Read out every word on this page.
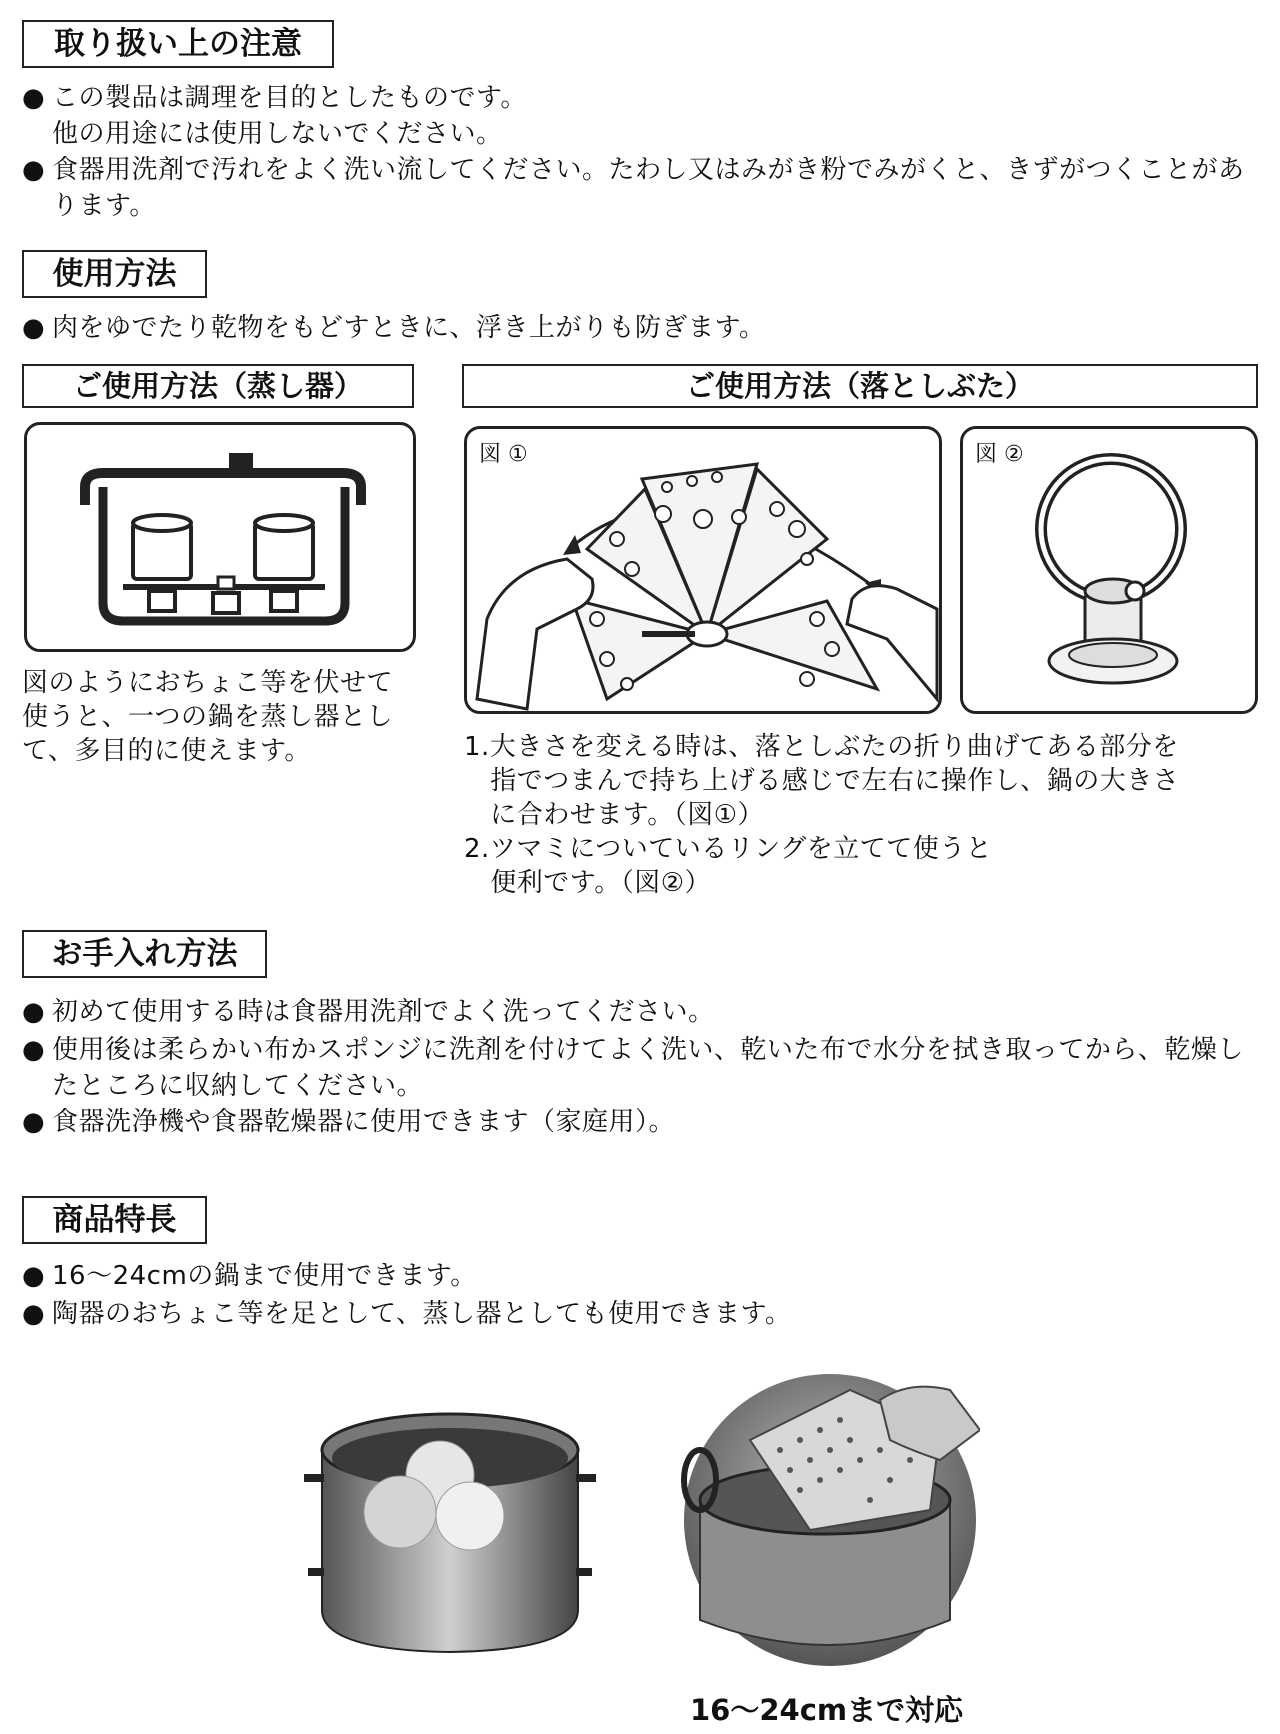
取り扱い上の注意
● この製品は調理を目的としたものです。
他の用途には使用しないでください。
● 食器用洗剤で汚れをよく洗い流してください。たわし又はみがき粉でみがくと、きずがつくことがあります。
使用方法
● 肉をゆでたり乾物をもどすときに、浮き上がりも防ぎます。
ご使用方法（蒸し器）
図のようにおちょこ等を伏せて
使うと、一つの鍋を蒸し器とし
て、多目的に使えます。
ご使用方法（落としぶた）
図 ①	図 ②
1.大きさを変える時は、落としぶたの折り曲げてある部分を
指でつまんで持ち上げる感じで左右に操作し、鍋の大きさ
に合わせます。（図①）
2.ツマミについているリングを立てて使うと
便利です。（図②）
お手入れ方法
● 初めて使用する時は食器用洗剤でよく洗ってください。
● 使用後は柔らかい布かスポンジに洗剤を付けてよく洗い、乾いた布で水分を拭き取ってから、乾燥したところに収納してください。
● 食器洗浄機や食器乾燥器に使用できます（家庭用）。
商品特長
● 16～24cmの鍋まで使用できます。
● 陶器のおちょこ等を足として、蒸し器としても使用できます。
16～24cmまで対応
